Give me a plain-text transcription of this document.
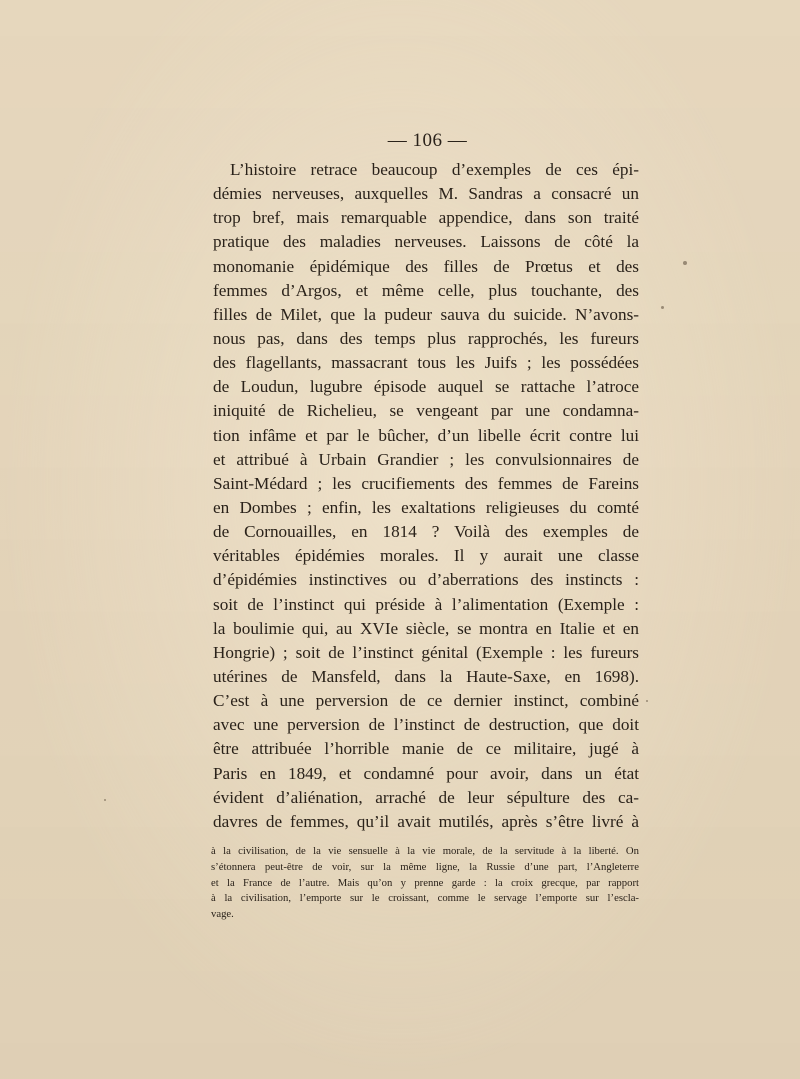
— 106 —
L’histoire retrace beaucoup d’exemples de ces épi-
démies nerveuses, auxquelles M. Sandras a consacré un
trop bref, mais remarquable appendice, dans son traité
pratique des maladies nerveuses. Laissons de côté la
monomanie épidémique des filles de Prœtus et des
femmes d’Argos, et même celle, plus touchante, des
filles de Milet, que la pudeur sauva du suicide. N’avons-
nous pas, dans des temps plus rapprochés, les fureurs
des flagellants, massacrant tous les Juifs ; les possédées
de Loudun, lugubre épisode auquel se rattache l’atroce
iniquité de Richelieu, se vengeant par une condamna-
tion infâme et par le bûcher, d’un libelle écrit contre lui
et attribué à Urbain Grandier ; les convulsionnaires de
Saint-Médard ; les crucifiements des femmes de Fareins
en Dombes ; enfin, les exaltations religieuses du comté
de Cornouailles, en 1814 ? Voilà des exemples de
véritables épidémies morales. Il y aurait une classe
d’épidémies instinctives ou d’aberrations des instincts :
soit de l’instinct qui préside à l’alimentation (Exemple :
la boulimie qui, au XVIe siècle, se montra en Italie et en
Hongrie) ; soit de l’instinct génital (Exemple : les fureurs
utérines de Mansfeld, dans la Haute-Saxe, en 1698).
C’est à une perversion de ce dernier instinct, combiné
avec une perversion de l’instinct de destruction, que doit
être attribuée l’horrible manie de ce militaire, jugé à
Paris en 1849, et condamné pour avoir, dans un état
évident d’aliénation, arraché de leur sépulture des ca-
davres de femmes, qu’il avait mutilés, après s’être livré à
à la civilisation, de la vie sensuelle à la vie morale, de la servitude à la liberté. On
s’étonnera peut-être de voir, sur la même ligne, la Russie d’une part, l’Angleterre
et la France de l’autre. Mais qu’on y prenne garde : la croix grecque, par rapport
à la civilisation, l’emporte sur le croissant, comme le servage l’emporte sur l’escla-
vage.
